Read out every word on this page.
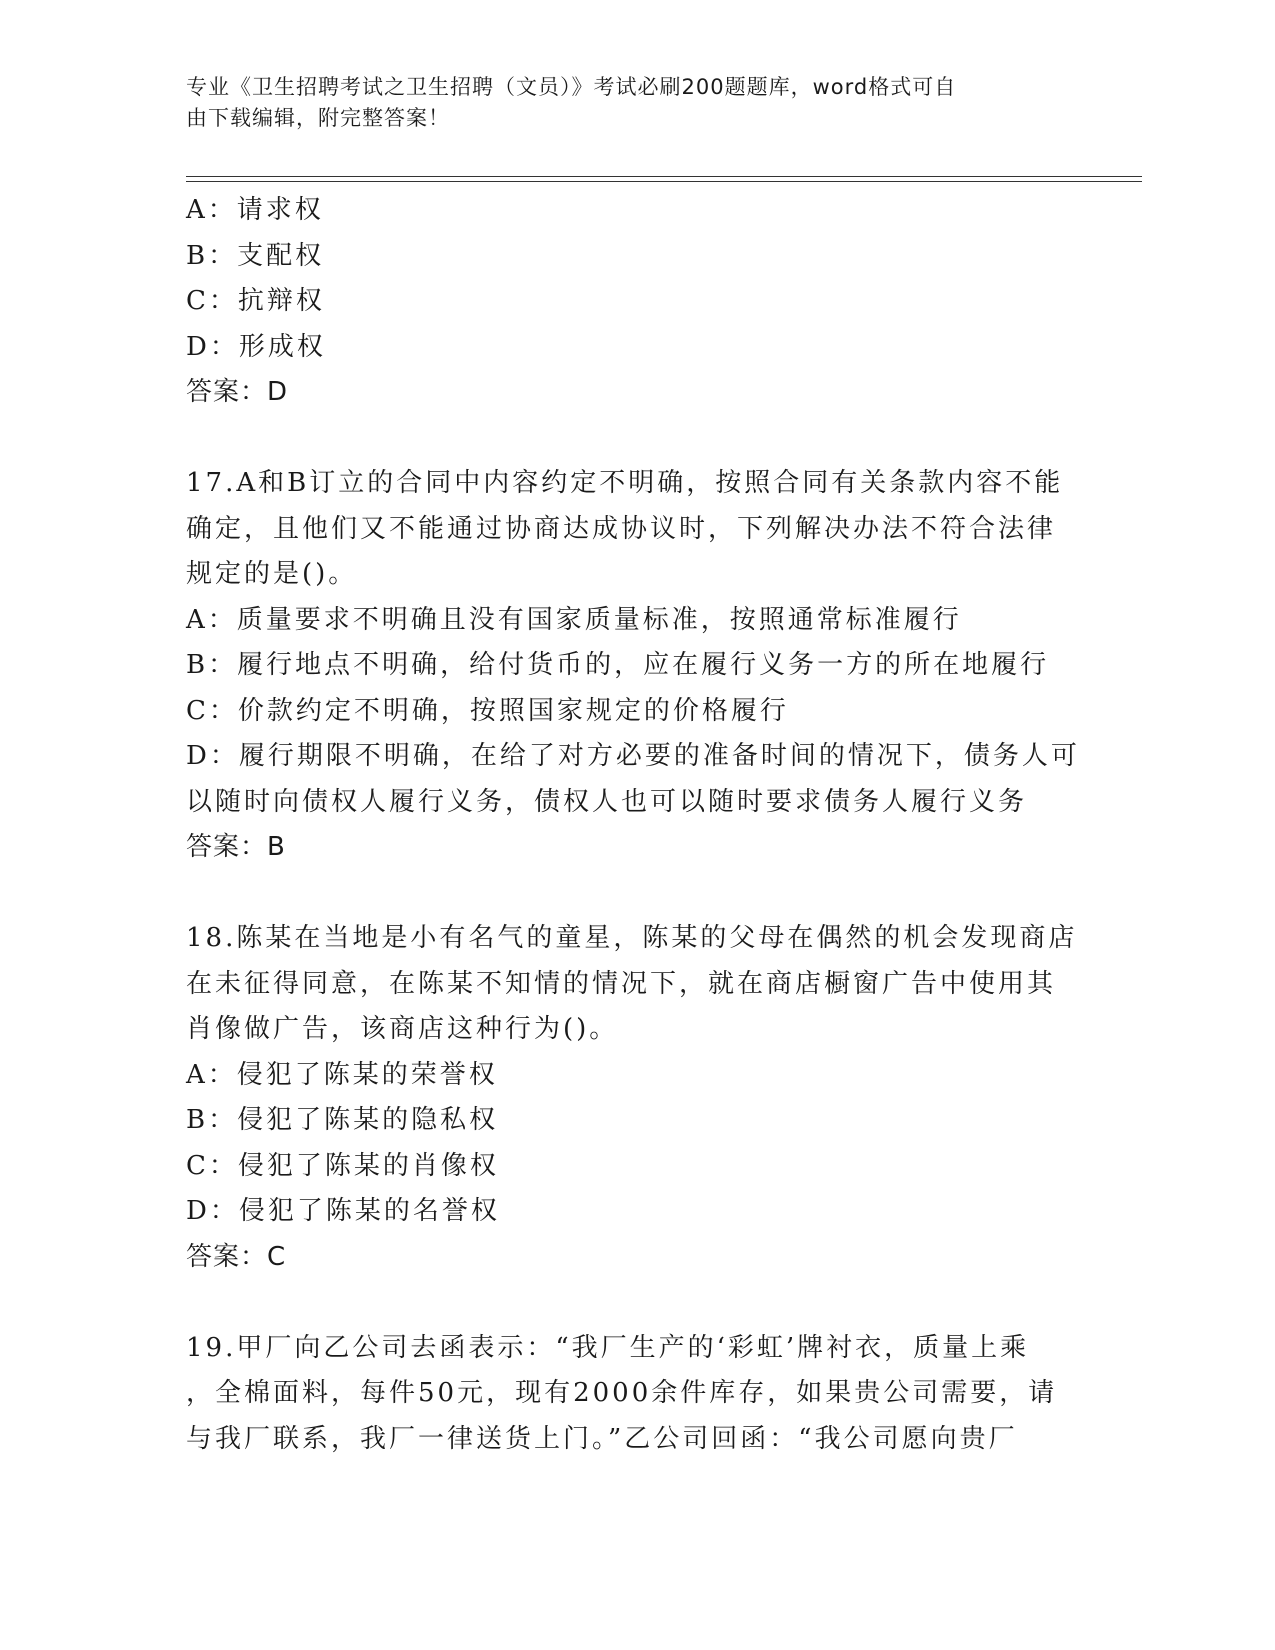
专业《卫生招聘考试之卫生招聘（文员）》考试必刷200题题库，word格式可自
由下载编辑，附完整答案！
A：请求权
B：支配权
C：抗辩权
D：形成权
答案：D
17.A和B订立的合同中内容约定不明确，按照合同有关条款内容不能
确定，且他们又不能通过协商达成协议时，下列解决办法不符合法律
规定的是()。
A：质量要求不明确且没有国家质量标准，按照通常标准履行
B：履行地点不明确，给付货币的，应在履行义务一方的所在地履行
C：价款约定不明确，按照国家规定的价格履行
D：履行期限不明确，在给了对方必要的准备时间的情况下，债务人可
以随时向债权人履行义务，债权人也可以随时要求债务人履行义务
答案：B
18.陈某在当地是小有名气的童星，陈某的父母在偶然的机会发现商店
在未征得同意，在陈某不知情的情况下，就在商店橱窗广告中使用其
肖像做广告，该商店这种行为()。
A：侵犯了陈某的荣誉权
B：侵犯了陈某的隐私权
C：侵犯了陈某的肖像权
D：侵犯了陈某的名誉权
答案：C
19.甲厂向乙公司去函表示：“我厂生产的‘彩虹’牌衬衣，质量上乘
，全棉面料，每件50元，现有2000余件库存，如果贵公司需要，请
与我厂联系，我厂一律送货上门。”乙公司回函：“我公司愿向贵厂
